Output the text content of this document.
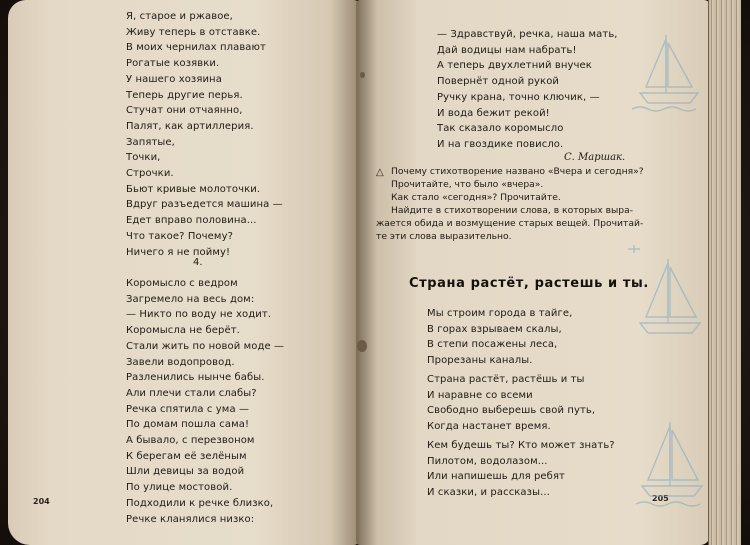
Я, старое и ржавое,
Живу теперь в отставке.
В моих чернилах плавают
Рогатые козявки.
У нашего хозяина
Теперь другие перья.
Стучат они отчаянно,
Палят, как артиллерия.
Запятые,
Точки,
Строчки.
Бьют кривые молоточки.
Вдруг разъедется машина —
Едет вправо половина...
Что такое? Почему?
Ничего я не пойму!
4.
Коромысло с ведром
Загремело на весь дом:
— Никто по воду не ходит.
Коромысла не берёт.
Стали жить по новой моде —
Завели водопровод.
Разленились нынче бабы.
Али плечи стали слабы?
Речка спятила с ума —
По домам пошла сама!
А бывало, с перезвоном
К берегам её зелёным
Шли девицы за водой
По улице мостовой.
Подходили к речке близко,
Речке кланялися низко:
204
— Здравствуй, речка, наша мать,
Дай водицы нам набрать!
А теперь двухлетний внучек
Повернёт одной рукой
Ручку крана, точно ключик, —
И вода бежит рекой!
Так сказало коромысло
И на гвоздике повисло.
С. Маршак.
△ Почему стихотворение названо «Вчера и сегодня»?
Прочитайте, что было «вчера».
Как стало «сегодня»? Прочитайте.
Найдите в стихотворении слова, в которых выра-
жается обида и возмущение старых вещей. Прочитай-
те эти слова выразительно.
Страна растёт, растешь и ты.
Мы строим города в тайге,
В горах взрываем скалы,
В степи посажены леса,
Прорезаны каналы.
Страна растёт, растёшь и ты
И наравне со всеми
Свободно выберешь свой путь,
Когда настанет время.
Кем будешь ты? Кто может знать?
Пилотом, водолазом...
Или напишешь для ребят
И сказки, и рассказы...
205
